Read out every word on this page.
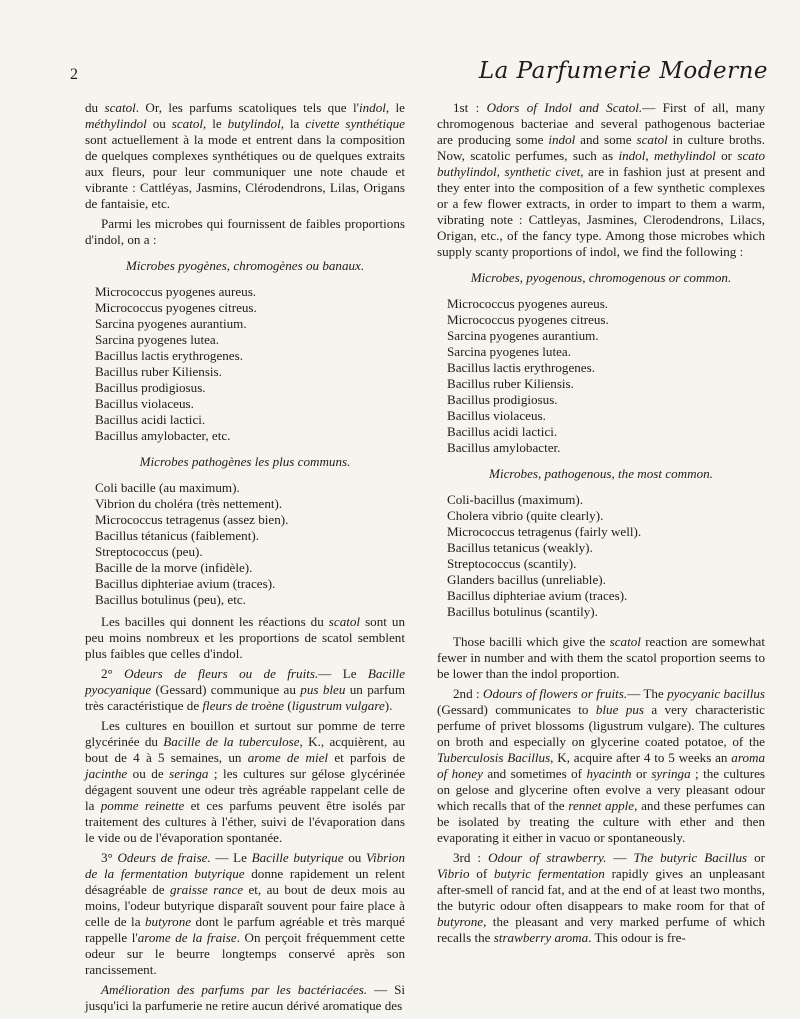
2	La Parfumerie Moderne

du scatol. Or, les parfums scatoliques tels que l'indol, le méthylindol ou scatol, le butylindol, la civette synthétique sont actuellement à la mode et entrent dans la composition de quelques complexes synthétiques ou de quelques extraits aux fleurs, pour leur communiquer une note chaude et vibrante : Cattléyas, Jasmins, Clérodendrons, Lilas, Origans de fantaisie, etc.

Parmi les microbes qui fournissent de faibles proportions d'indol, on a :

Microbes pyogènes, chromogènes ou banaux.
Micrococcus pyogenes aureus.
Micrococcus pyogenes citreus.
Sarcina pyogenes aurantium.
Sarcina pyogenes lutea.
Bacillus lactis erythrogenes.
Bacillus ruber Kiliensis.
Bacillus prodigiosus.
Bacillus violaceus.
Bacillus acidi lactici.
Bacillus amylobacter, etc.
Microbes pathogènes les plus communs.
Coli bacille (au maximum).
Vibrion du choléra (très nettement).
Micrococcus tetragenus (assez bien).
Bacillus tétanicus (faiblement).
Streptococcus (peu).
Bacille de la morve (infidèle).
Bacillus diphteriae avium (traces).
Bacillus botulinus (peu), etc.

Les bacilles qui donnent les réactions du scatol sont un peu moins nombreux et les proportions de scatol semblent plus faibles que celles d'indol.

2° Odeurs de fleurs ou de fruits.— Le Bacille pyocyanique (Gessard) communique au pus bleu un parfum très caractéristique de fleurs de troène (ligustrum vulgare).

Les cultures en bouillon et surtout sur pomme de terre glycérinée du Bacille de la tuberculose, K., acquièrent, au bout de 4 à 5 semaines, un arome de miel et parfois de jacinthe ou de seringa ; les cultures sur gélose glycérinée dégagent souvent une odeur très agréable rappelant celle de la pomme reinette et ces parfums peuvent être isolés par traitement des cultures à l'éther, suivi de l'évaporation dans le vide ou de l'évaporation spontanée.

3° Odeurs de fraise. — Le Bacille butyrique ou Vibrion de la fermentation butyrique donne rapidement un relent désagréable de graisse rance et, au bout de deux mois au moins, l'odeur butyrique disparaît souvent pour faire place à celle de la butyrone dont le parfum agréable et très marqué rappelle l'arome de la fraise. On perçoit fréquemment cette odeur sur le beurre longtemps conservé après son rancissement.

Amélioration des parfums par les bactériacées. — Si jusqu'ici la parfumerie ne retire aucun dérivé aromatique des

1st : Odors of Indol and Scatol.— First of all, many chromogenous bacteriae and several pathogenous bacteriae are producing some indol and some scatol in culture broths. Now, scatolic perfumes, such as indol, methylindol or scato buthylindol, synthetic civet, are in fashion just at present and they enter into the composition of a few synthetic complexes or a few flower extracts, in order to impart to them a warm, vibrating note : Cattleyas, Jasmines, Clerodendrons, Lilacs, Origan, etc., of the fancy type. Among those microbes which supply scanty proportions of indol, we find the following :

Microbes, pyogenous, chromogenous or common.
Micrococcus pyogenes aureus.
Micrococcus pyogenes citreus.
Sarcina pyogenes aurantium.
Sarcina pyogenes lutea.
Bacillus lactis erythrogenes.
Bacillus ruber Kiliensis.
Bacillus prodigiosus.
Bacillus violaceus.
Bacillus acidi lactici.
Bacillus amylobacter.
Microbes, pathogenous, the most common.
Coli-bacillus (maximum).
Cholera vibrio (quite clearly).
Micrococcus tetragenus (fairly well).
Bacillus tetanicus (weakly).
Streptococcus (scantily).
Glanders bacillus (unreliable).
Bacillus diphteriae avium (traces).
Bacillus botulinus (scantily).

Those bacilli which give the scatol reaction are somewhat fewer in number and with them the scatol proportion seems to be lower than the indol proportion.

2nd : Odours of flowers or fruits.— The pyocyanic bacillus (Gessard) communicates to blue pus a very characteristic perfume of privet blossoms (ligustrum vulgare). The cultures on broth and especially on glycerine coated potatoe, of the Tuberculosis Bacillus, K, acquire after 4 to 5 weeks an aroma of honey and sometimes of hyacinth or syringa ; the cultures on gelose and glycerine often evolve a very pleasant odour which recalls that of the rennet apple, and these perfumes can be isolated by treating the culture with ether and then evaporating it either in vacuo or spontaneously.

3rd : Odour of strawberry. — The butyric Bacillus or Vibrio of butyric fermentation rapidly gives an unpleasant after-smell of rancid fat, and at the end of at least two months, the butyric odour often disappears to make room for that of butyrone, the pleasant and very marked perfume of which recalls the strawberry aroma. This odour is fre-
